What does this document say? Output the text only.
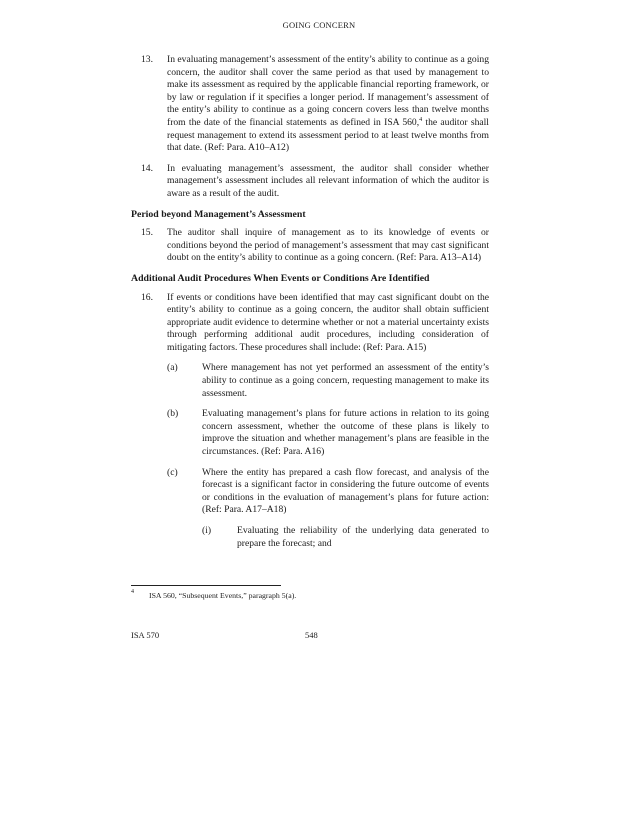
GOING CONCERN
13.	In evaluating management’s assessment of the entity’s ability to continue as a going concern, the auditor shall cover the same period as that used by management to make its assessment as required by the applicable financial reporting framework, or by law or regulation if it specifies a longer period. If management’s assessment of the entity’s ability to continue as a going concern covers less than twelve months from the date of the financial statements as defined in ISA 560,$^4$ the auditor shall request management to extend its assessment period to at least twelve months from that date. (Ref: Para. A10–A12)
14.	In evaluating management’s assessment, the auditor shall consider whether management’s assessment includes all relevant information of which the auditor is aware as a result of the audit.
Period beyond Management’s Assessment
15.	The auditor shall inquire of management as to its knowledge of events or conditions beyond the period of management’s assessment that may cast significant doubt on the entity’s ability to continue as a going concern. (Ref: Para. A13–A14)
Additional Audit Procedures When Events or Conditions Are Identified
16.	If events or conditions have been identified that may cast significant doubt on the entity’s ability to continue as a going concern, the auditor shall obtain sufficient appropriate audit evidence to determine whether or not a material uncertainty exists through performing additional audit procedures, including consideration of mitigating factors. These procedures shall include: (Ref: Para. A15)
(a)	Where management has not yet performed an assessment of the entity’s ability to continue as a going concern, requesting management to make its assessment.
(b)	Evaluating management’s plans for future actions in relation to its going concern assessment, whether the outcome of these plans is likely to improve the situation and whether management’s plans are feasible in the circumstances. (Ref: Para. A16)
(c)	Where the entity has prepared a cash flow forecast, and analysis of the forecast is a significant factor in considering the future outcome of events or conditions in the evaluation of management’s plans for future action: (Ref: Para. A17–A18)
(i)	Evaluating the reliability of the underlying data generated to prepare the forecast; and
4	ISA 560, “Subsequent Events,” paragraph 5(a).
ISA 570	548
